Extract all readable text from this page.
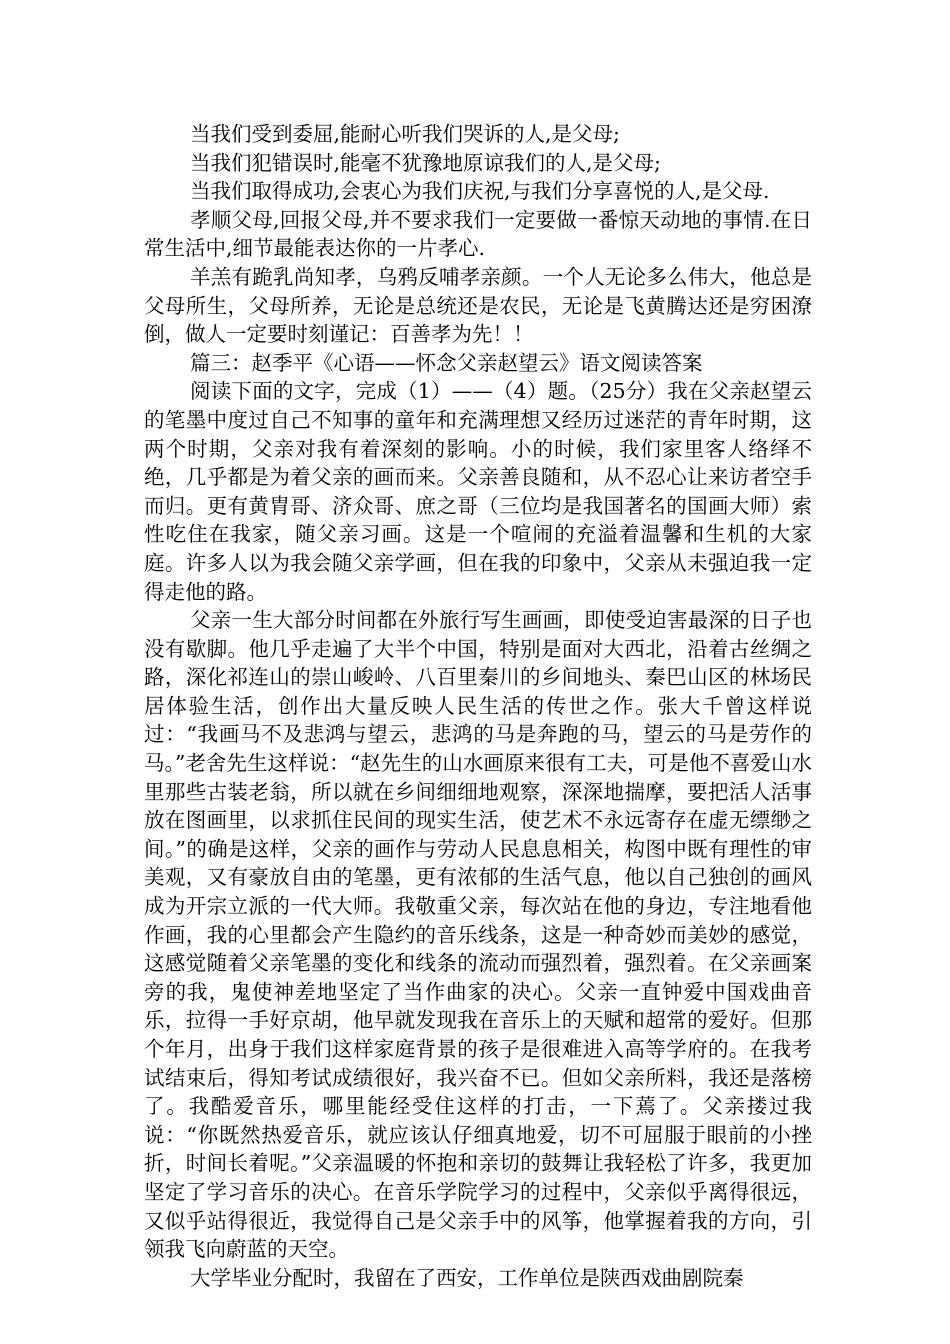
当我们受到委屈,能耐心听我们哭诉的人,是父母;

当我们犯错误时,能毫不犹豫地原谅我们的人,是父母;

当我们取得成功,会衷心为我们庆祝,与我们分享喜悦的人,是父母.

孝顺父母,回报父母,并不要求我们一定要做一番惊天动地的事情.在日常生活中,细节最能表达你的一片孝心.

羊羔有跪乳尚知孝，乌鸦反哺孝亲颜。一个人无论多么伟大，他总是父母所生，父母所养，无论是总统还是农民，无论是飞黄腾达还是穷困潦倒，做人一定要时刻谨记：百善孝为先！！

篇三：赵季平《心语——怀念父亲赵望云》语文阅读答案

阅读下面的文字，完成（1）——（4）题。（25分）我在父亲赵望云的笔墨中度过自己不知事的童年和充满理想又经历过迷茫的青年时期，这两个时期，父亲对我有着深刻的影响。小的时候，我们家里客人络绎不绝，几乎都是为着父亲的画而来。父亲善良随和，从不忍心让来访者空手而归。更有黄胄哥、济众哥、庶之哥（三位均是我国著名的国画大师）索性吃住在我家，随父亲习画。这是一个喧闹的充溢着温馨和生机的大家庭。许多人以为我会随父亲学画，但在我的印象中，父亲从未强迫我一定得走他的路。

父亲一生大部分时间都在外旅行写生画画，即使受迫害最深的日子也没有歇脚。他几乎走遍了大半个中国，特别是面对大西北，沿着古丝绸之路，深化祁连山的崇山峻岭、八百里秦川的乡间地头、秦巴山区的林场民居体验生活，创作出大量反映人民生活的传世之作。张大千曾这样说过：“我画马不及悲鸿与望云，悲鸿的马是奔跑的马，望云的马是劳作的马。”老舍先生这样说：“赵先生的山水画原来很有工夫，可是他不喜爱山水里那些古装老翁，所以就在乡间细细地观察，深深地揣摩，要把活人活事放在图画里，以求抓住民间的现实生活，使艺术不永远寄存在虚无缥缈之间。”的确是这样，父亲的画作与劳动人民息息相关，构图中既有理性的审美观，又有豪放自由的笔墨，更有浓郁的生活气息，他以自己独创的画风成为开宗立派的一代大师。我敬重父亲，每次站在他的身边，专注地看他作画，我的心里都会产生隐约的音乐线条，这是一种奇妙而美妙的感觉，这感觉随着父亲笔墨的变化和线条的流动而强烈着，强烈着。在父亲画案旁的我，鬼使神差地坚定了当作曲家的决心。父亲一直钟爱中国戏曲音乐，拉得一手好京胡，他早就发现我在音乐上的天赋和超常的爱好。但那个年月，出身于我们这样家庭背景的孩子是很难进入高等学府的。在我考试结束后，得知考试成绩很好，我兴奋不已。但如父亲所料，我还是落榜了。我酷爱音乐，哪里能经受住这样的打击，一下蔫了。父亲搂过我说：“你既然热爱音乐，就应该认仔细真地爱，切不可屈服于眼前的小挫折，时间长着呢。”父亲温暖的怀抱和亲切的鼓舞让我轻松了许多，我更加坚定了学习音乐的决心。在音乐学院学习的过程中，父亲似乎离得很远，又似乎站得很近，我觉得自己是父亲手中的风筝，他掌握着我的方向，引领我飞向蔚蓝的天空。

大学毕业分配时，我留在了西安，工作单位是陕西戏曲剧院秦
